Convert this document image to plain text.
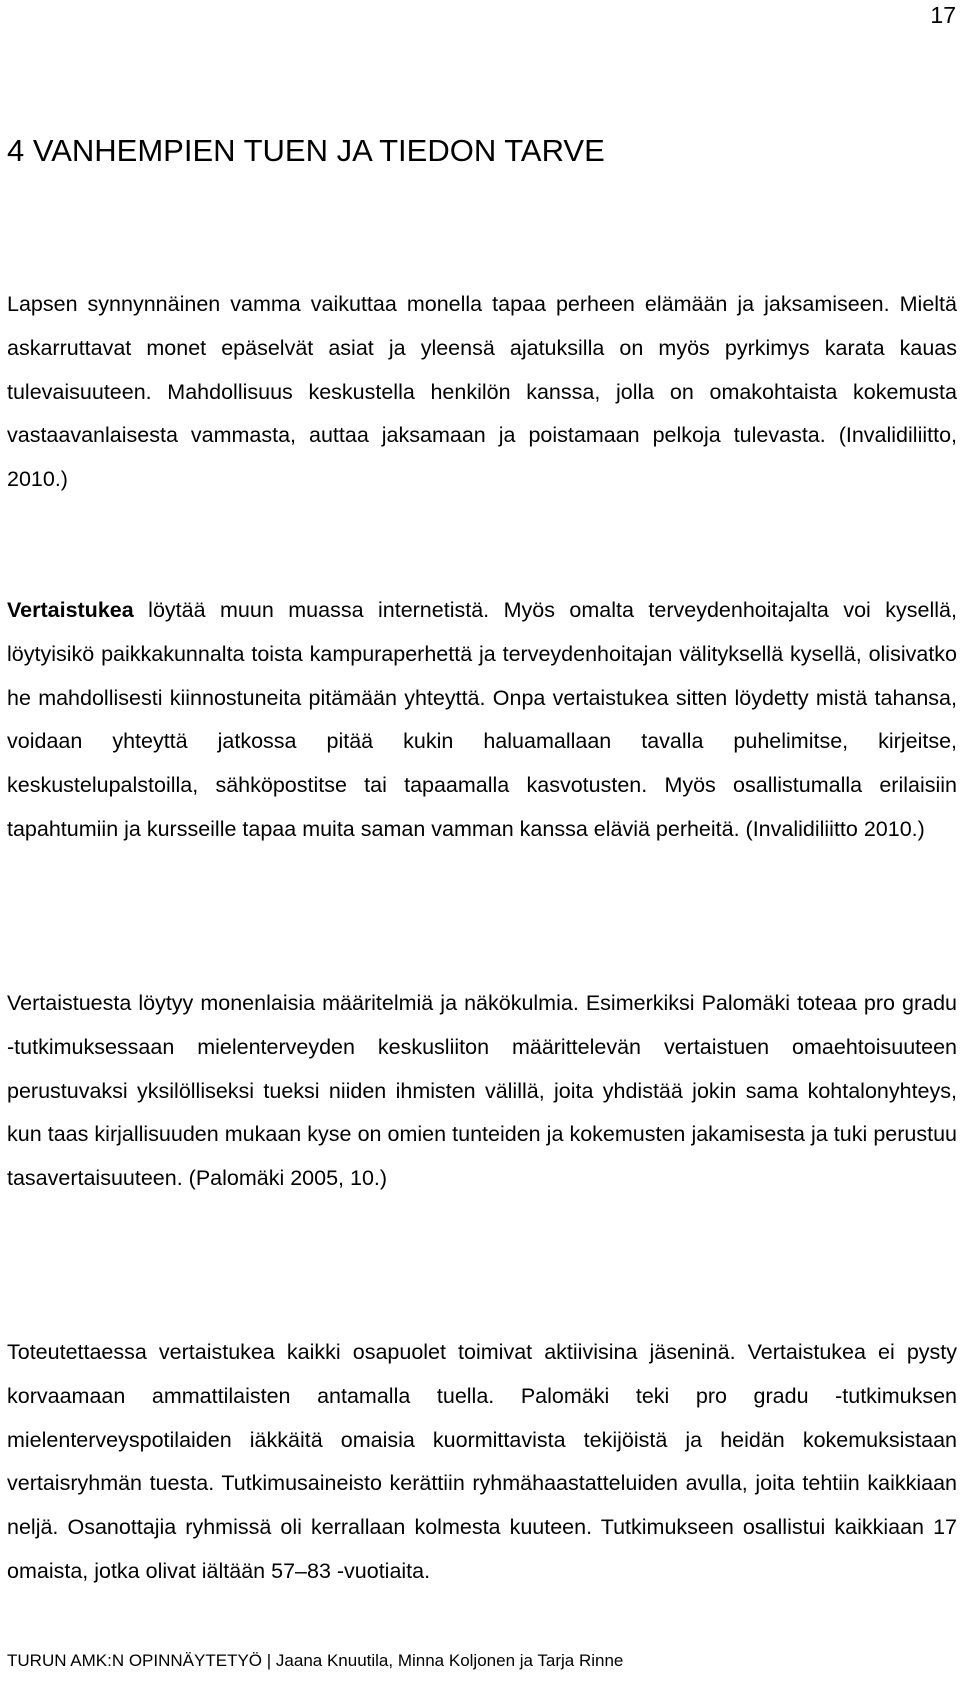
17
4 VANHEMPIEN TUEN JA TIEDON TARVE

Lapsen synnynnäinen vamma vaikuttaa monella tapaa perheen elämään ja jaksamiseen. Mieltä askarruttavat monet epäselvät asiat ja yleensä ajatuksilla on myös pyrkimys karata kauas tulevaisuuteen. Mahdollisuus keskustella henkilön kanssa, jolla on omakohtaista kokemusta vastaavanlaisesta vammasta, auttaa jaksamaan ja poistamaan pelkoja tulevasta. (Invalidiliitto, 2010.)

Vertaistukea löytää muun muassa internetistä. Myös omalta terveydenhoitajalta voi kysellä, löytyisikö paikkakunnalta toista kampuraperhettä ja terveydenhoitajan välityksellä kysellä, olisivatko he mahdollisesti kiinnostuneita pitämään yhteyttä. Onpa vertaistukea sitten löydetty mistä tahansa, voidaan yhteyttä jatkossa pitää kukin haluamallaan tavalla puhelimitse, kirjeitse, keskustelupalstoilla, sähköpostitse tai tapaamalla kasvotusten. Myös osallistumalla erilaisiin tapahtumiin ja kursseille tapaa muita saman vamman kanssa eläviä perheitä. (Invalidiliitto 2010.)

Vertaistuesta löytyy monenlaisia määritelmiä ja näkökulmia. Esimerkiksi Palomäki toteaa pro gradu -tutkimuksessaan mielenterveyden keskusliiton määrittelevän vertaistuen omaehtoisuuteen perustuvaksi yksilölliseksi tueksi niiden ihmisten välillä, joita yhdistää jokin sama kohtalonyhteys, kun taas kirjallisuuden mukaan kyse on omien tunteiden ja kokemusten jakamisesta ja tuki perustuu tasavertaisuuteen. (Palomäki 2005, 10.)

Toteutettaessa vertaistukea kaikki osapuolet toimivat aktiivisina jäseninä. Vertaistukea ei pysty korvaamaan ammattilaisten antamalla tuella. Palomäki teki pro gradu -tutkimuksen mielenterveyspotilaiden iäkkäitä omaisia kuormittavista tekijöistä ja heidän kokemuksistaan vertaisryhmän tuesta. Tutkimusaineisto kerättiin ryhmähaastatteluiden avulla, joita tehtiin kaikkiaan neljä. Osanottajia ryhmissä oli kerrallaan kolmesta kuuteen. Tutkimukseen osallistui kaikkiaan 17 omaista, jotka olivat iältään 57–83 -vuotiaita.

TURUN AMK:N OPINNÄYTETYÖ | Jaana Knuutila, Minna Koljonen ja Tarja Rinne
